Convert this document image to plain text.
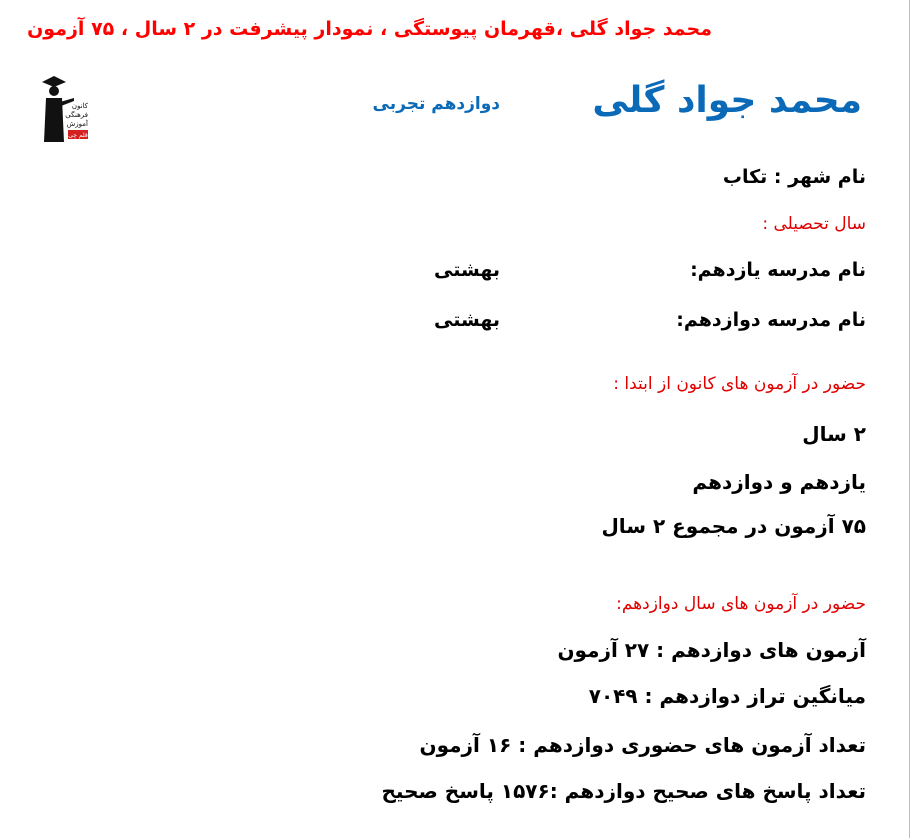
محمد جواد گلی ،قهرمان پیوستگی ، نمودار پیشرفت در ۲ سال ، ۷۵ آزمون
کانون
فرهنگی
آموزش
قلم چی
محمد جواد گلی
دوازدهم تجربی
نام شهر : تکاب
سال تحصیلی :
نام مدرسه یازدهم:
بهشتی
نام مدرسه دوازدهم:
بهشتی
حضور در آزمون های کانون از ابتدا :
۲ سال
یازدهم و دوازدهم
۷۵ آزمون در مجموع ۲ سال
حضور در آزمون های سال دوازدهم:
آزمون های دوازدهم : ۲۷ آزمون
میانگین تراز دوازدهم : ۷۰۴۹
تعداد آزمون های حضوری دوازدهم : ۱۶ آزمون
تعداد پاسخ های صحیح دوازدهم :۱۵۷۶ پاسخ صحیح
